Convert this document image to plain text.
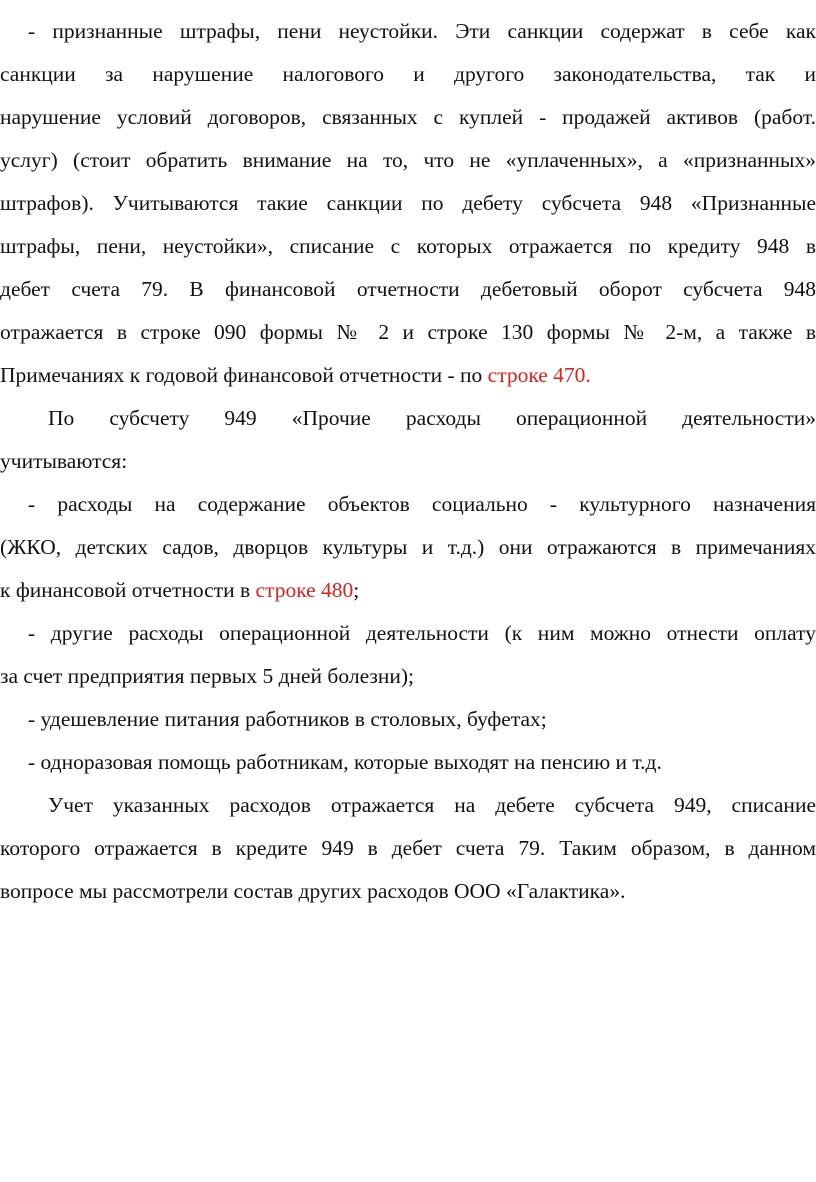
- признанные штрафы, пени неустойки. Эти санкции содержат в себе как
санкции за нарушение налогового и другого законодательства, так и
нарушение условий договоров, связанных с куплей - продажей активов (работ.
услуг) (стоит обратить внимание на то, что не «уплаченных», а «признанных»
штрафов). Учитываются такие санкции по дебету субсчета 948 «Признанные
штрафы, пени, неустойки», списание с которых отражается по кредиту 948 в
дебет счета 79. В финансовой отчетности дебетовый оборот субсчета 948
отражается в строке 090 формы № 2 и строке 130 формы № 2-м, а также в
Примечаниях к годовой финансовой отчетности - по строке 470.
По субсчету 949 «Прочие расходы операционной деятельности»
учитываются:
- расходы на содержание объектов социально - культурного назначения
(ЖКО, детских садов, дворцов культуры и т.д.) они отражаются в примечаниях
к финансовой отчетности в строке 480;
- другие расходы операционной деятельности (к ним можно отнести оплату
за счет предприятия первых 5 дней болезни);
- удешевление питания работников в столовых, буфетах;
- одноразовая помощь работникам, которые выходят на пенсию и т.д.
Учет указанных расходов отражается на дебете субсчета 949, списание
которого отражается в кредите 949 в дебет счета 79. Таким образом, в данном
вопросе мы рассмотрели состав других расходов ООО «Галактика».
